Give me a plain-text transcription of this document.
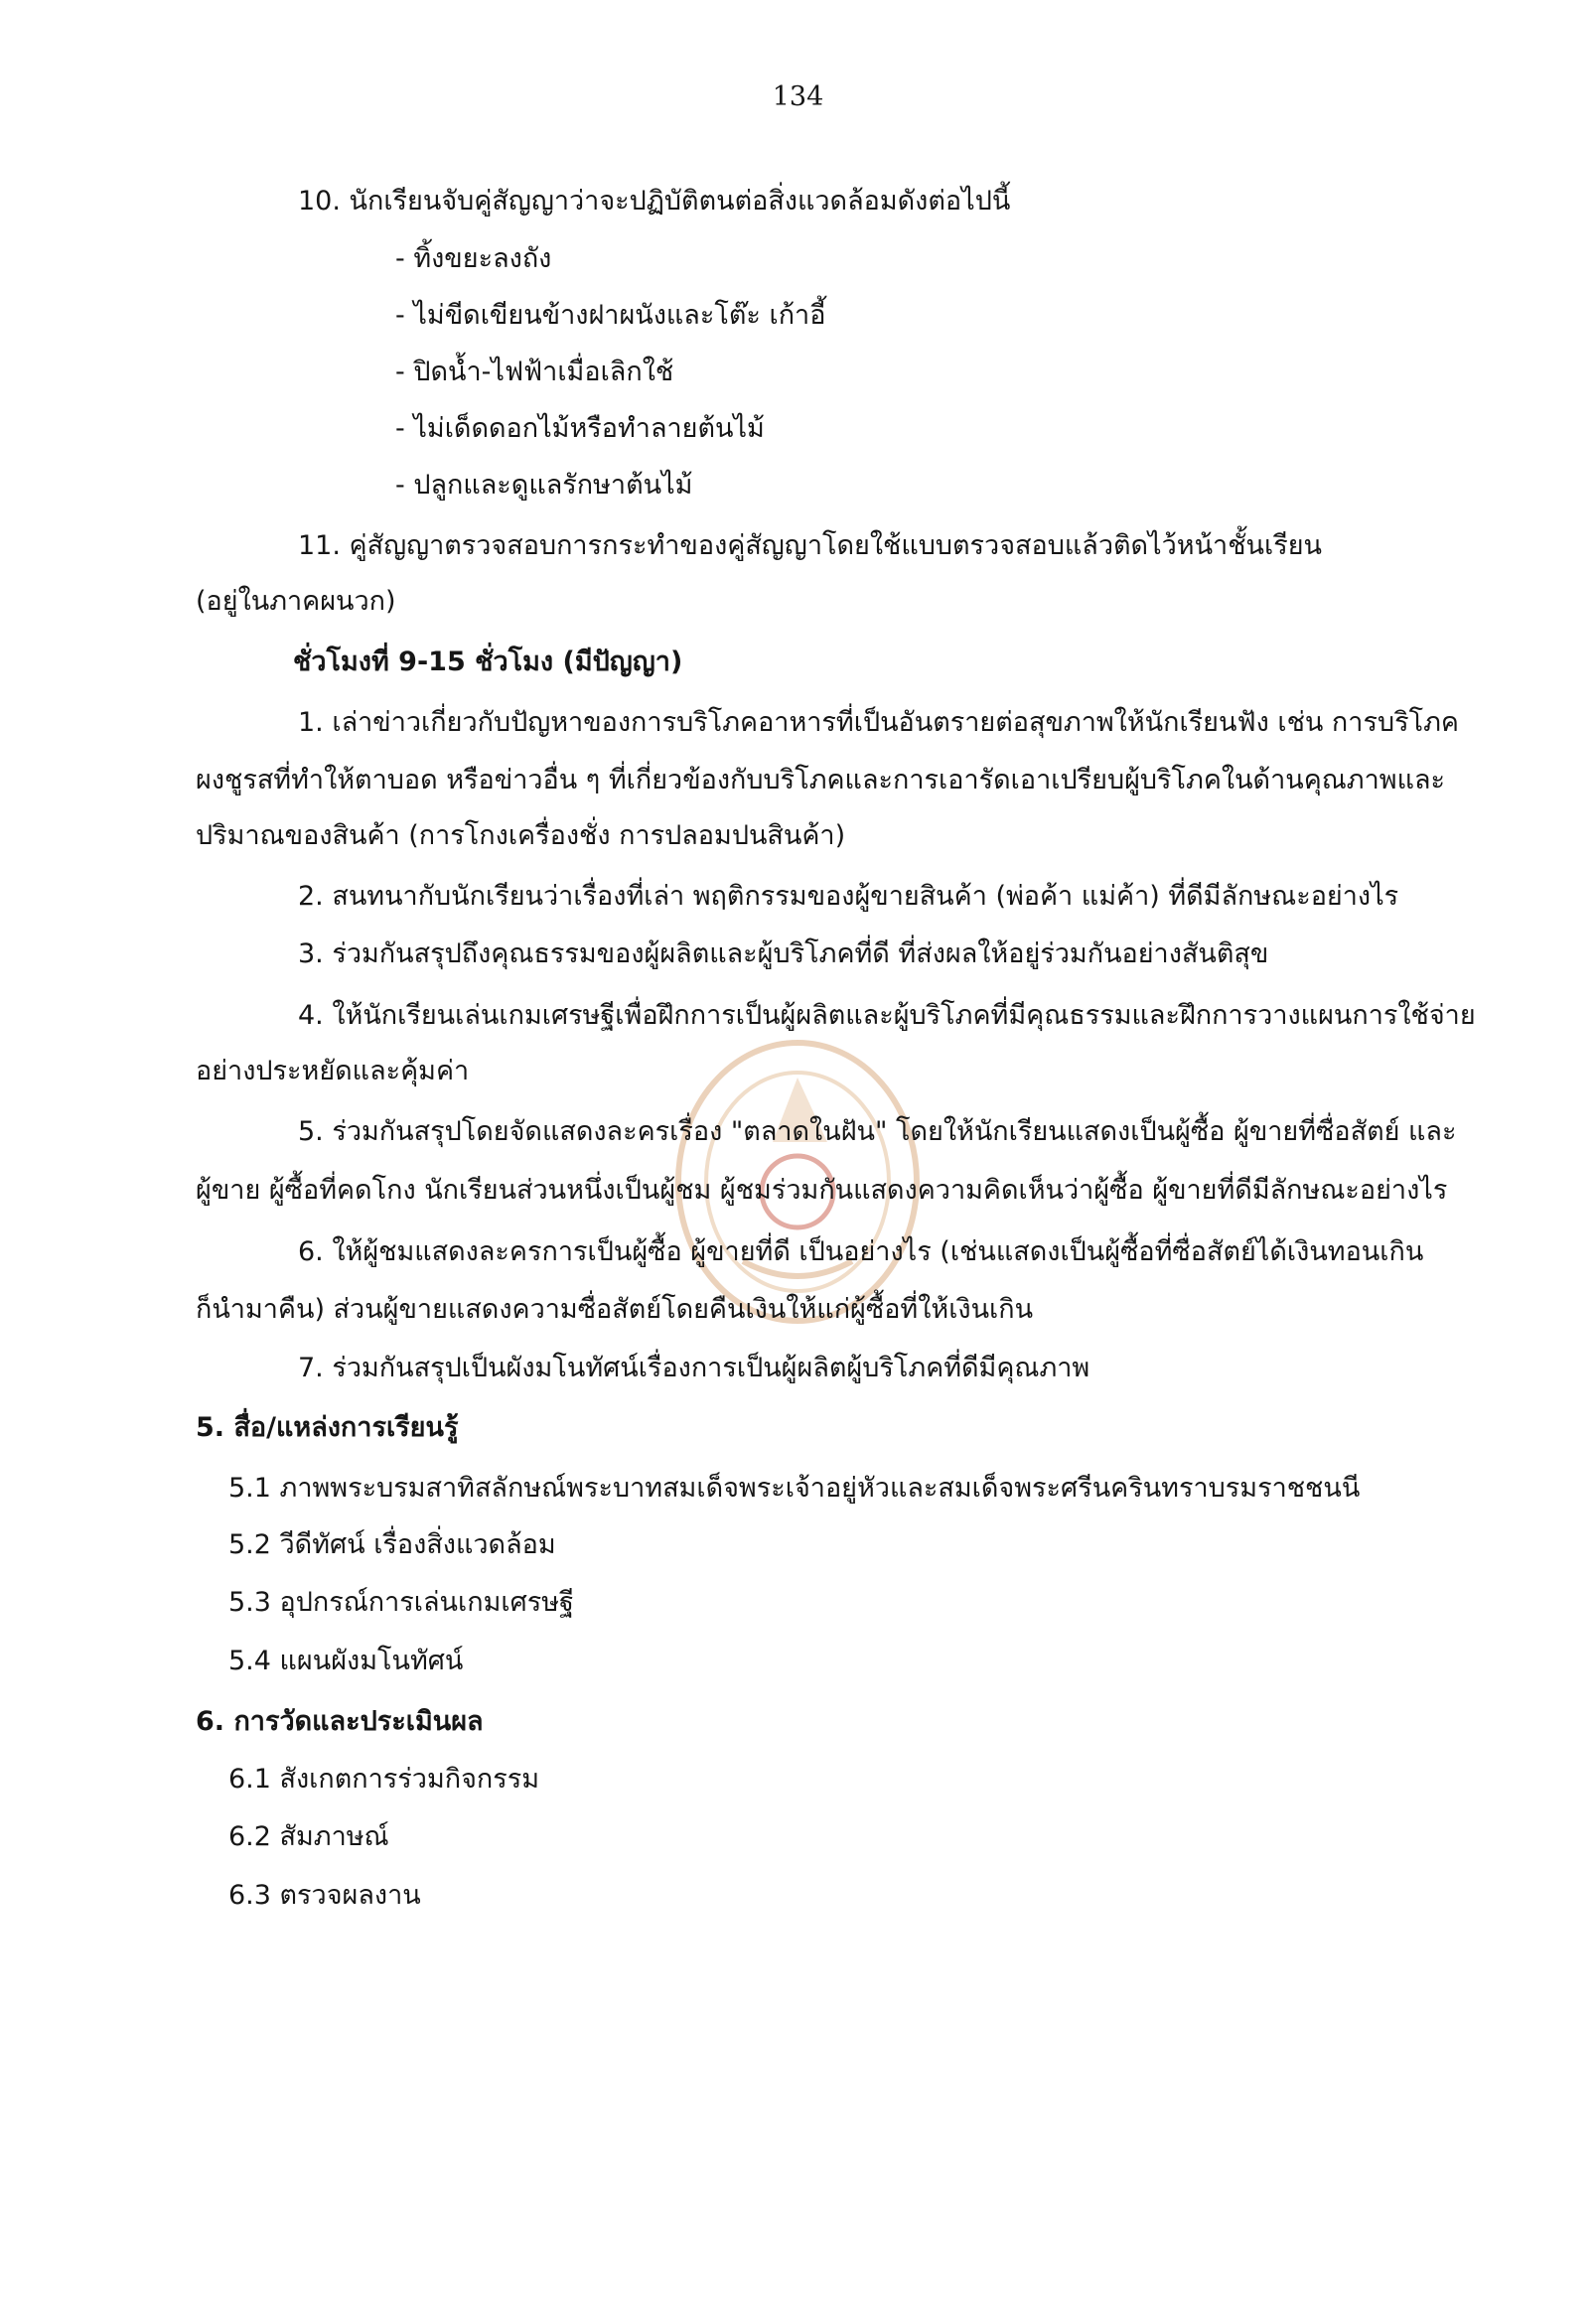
134
10. นักเรียนจับคู่สัญญาว่าจะปฏิบัติตนต่อสิ่งแวดล้อมดังต่อไปนี้
- ทิ้งขยะลงถัง
- ไม่ขีดเขียนข้างฝาผนังและโต๊ะ เก้าอี้
- ปิดน้ำ-ไฟฟ้าเมื่อเลิกใช้
- ไม่เด็ดดอกไม้หรือทำลายต้นไม้
- ปลูกและดูแลรักษาต้นไม้
11. คู่สัญญาตรวจสอบการกระทำของคู่สัญญาโดยใช้แบบตรวจสอบแล้วติดไว้หน้าชั้นเรียน
(อยู่ในภาคผนวก)
ชั่วโมงที่ 9-15 ชั่วโมง (มีปัญญา)
1. เล่าข่าวเกี่ยวกับปัญหาของการบริโภคอาหารที่เป็นอันตรายต่อสุขภาพให้นักเรียนฟัง เช่น การบริโภค
ผงชูรสที่ทำให้ตาบอด หรือข่าวอื่น ๆ ที่เกี่ยวข้องกับบริโภคและการเอารัดเอาเปรียบผู้บริโภคในด้านคุณภาพและ
ปริมาณของสินค้า (การโกงเครื่องชั่ง การปลอมปนสินค้า)
2. สนทนากับนักเรียนว่าเรื่องที่เล่า พฤติกรรมของผู้ขายสินค้า (พ่อค้า แม่ค้า) ที่ดีมีลักษณะอย่างไร
3. ร่วมกันสรุปถึงคุณธรรมของผู้ผลิตและผู้บริโภคที่ดี ที่ส่งผลให้อยู่ร่วมกันอย่างสันติสุข
4. ให้นักเรียนเล่นเกมเศรษฐีเพื่อฝึกการเป็นผู้ผลิตและผู้บริโภคที่มีคุณธรรมและฝึกการวางแผนการใช้จ่าย
อย่างประหยัดและคุ้มค่า
5. ร่วมกันสรุปโดยจัดแสดงละครเรื่อง "ตลาดในฝัน" โดยให้นักเรียนแสดงเป็นผู้ซื้อ ผู้ขายที่ซื่อสัตย์ และ
ผู้ขาย ผู้ซื้อที่คดโกง นักเรียนส่วนหนึ่งเป็นผู้ชม ผู้ชมร่วมกันแสดงความคิดเห็นว่าผู้ซื้อ ผู้ขายที่ดีมีลักษณะอย่างไร
6. ให้ผู้ชมแสดงละครการเป็นผู้ซื้อ ผู้ขายที่ดี เป็นอย่างไร (เช่นแสดงเป็นผู้ซื้อที่ซื่อสัตย์ได้เงินทอนเกิน
ก็นำมาคืน) ส่วนผู้ขายแสดงความซื่อสัตย์โดยคืนเงินให้แก่ผู้ซื้อที่ให้เงินเกิน
7. ร่วมกันสรุปเป็นผังมโนทัศน์เรื่องการเป็นผู้ผลิตผู้บริโภคที่ดีมีคุณภาพ
5. สื่อ/แหล่งการเรียนรู้
5.1 ภาพพระบรมสาทิสลักษณ์พระบาทสมเด็จพระเจ้าอยู่หัวและสมเด็จพระศรีนครินทราบรมราชชนนี
5.2 วีดีทัศน์ เรื่องสิ่งแวดล้อม
5.3 อุปกรณ์การเล่นเกมเศรษฐี
5.4 แผนผังมโนทัศน์
6. การวัดและประเมินผล
6.1 สังเกตการร่วมกิจกรรม
6.2 สัมภาษณ์
6.3 ตรวจผลงาน
